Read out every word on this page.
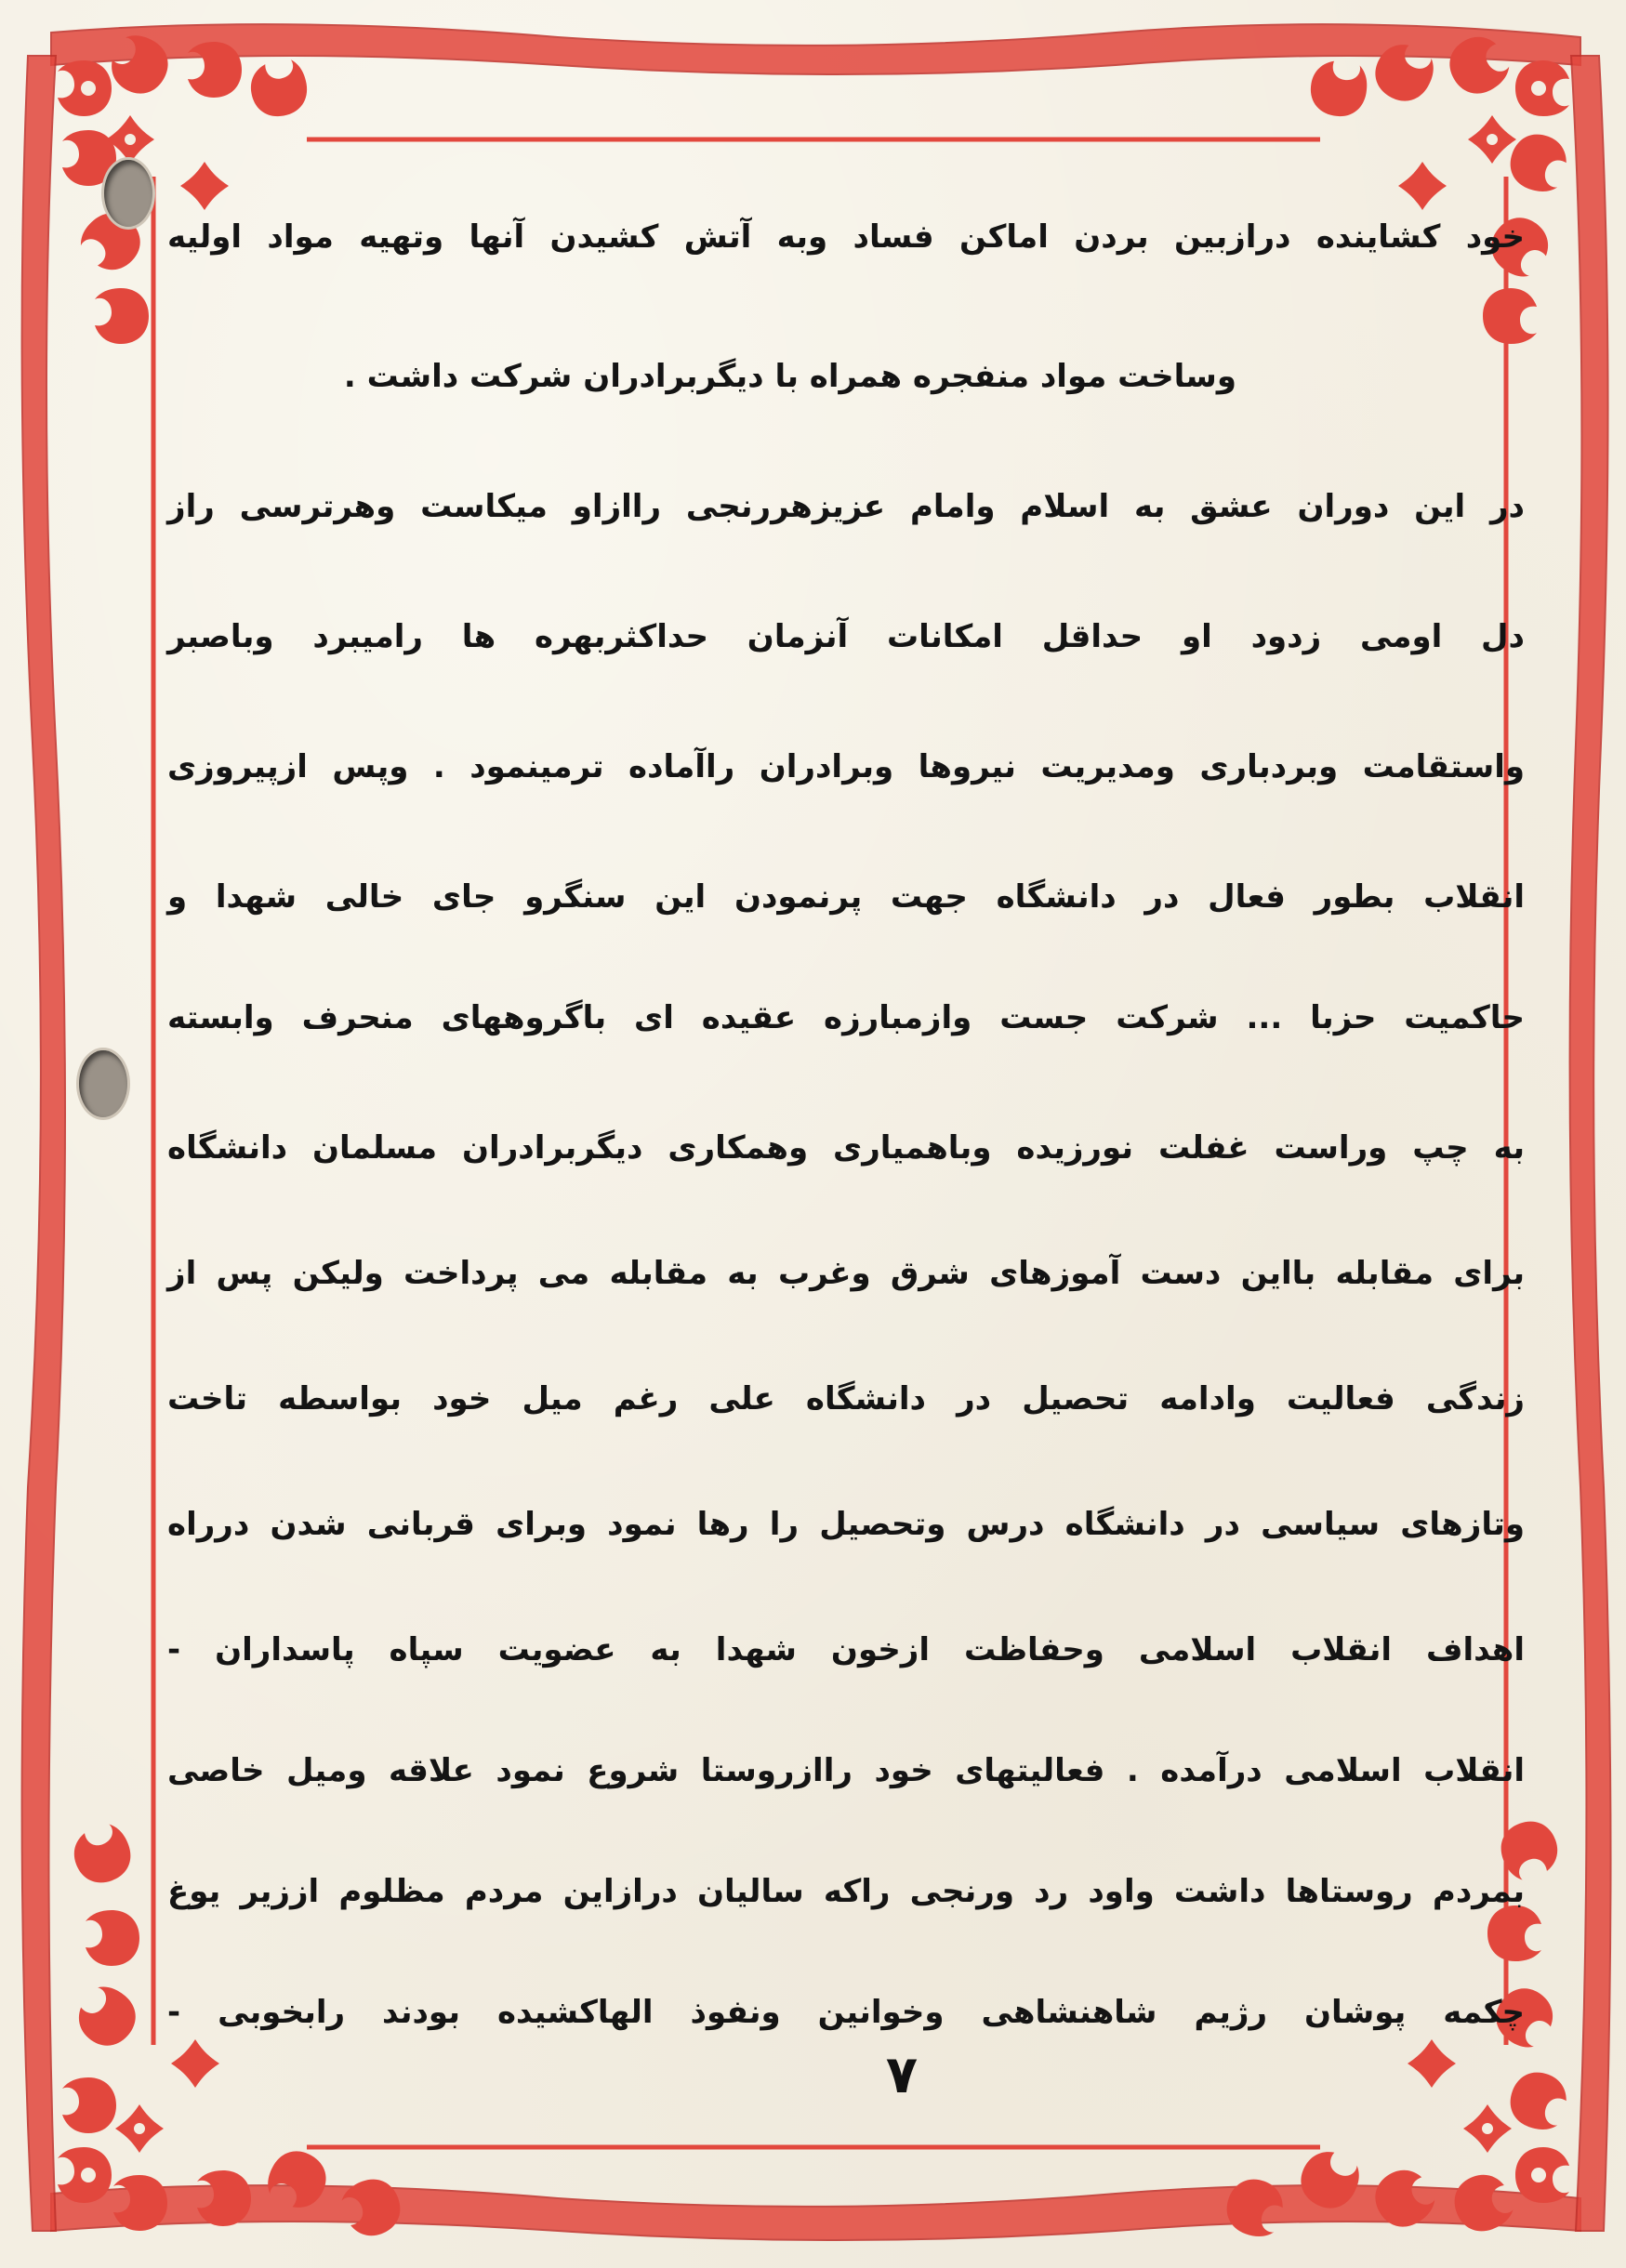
خود کشاینده درازبین بردن اماکن فساد وبه آتش کشیدن آنها وتهیه مواد اولیه
وساخت مواد منفجره همراه با دیگربرادران شرکت داشت .
در این دوران عشق به اسلام وامام عزیزهررنجی راازاو میکاست وهرترسی راز
دل اومی زدود او حداقل امکانات آنزمان حداکثربهره ها رامیبرد وباصبر
واستقامت وبردباری ومدیریت نیروها وبرادران راآماده ترمینمود . وپس ازپیروزی
انقلاب بطور فعال در دانشگاه جهت پرنمودن این سنگرو جای خالی شهدا و
حاکمیت حزبا ... شرکت جست وازمبارزه عقیده ای باگروههای منحرف وابسته
به چپ وراست غفلت نورزیده وباهمیاری وهمکاری دیگربرادران مسلمان دانشگاه
برای مقابله بااین دست آموزهای شرق وغرب به مقابله می پرداخت ولیکن پس از
زندگی فعالیت وادامه تحصیل در دانشگاه علی رغم میل خود بواسطه تاخت
وتازهای سیاسی در دانشگاه درس وتحصیل را رها نمود وبرای قربانی شدن درراه
اهداف انقلاب اسلامی وحفاظت ازخون شهدا به عضویت سپاه پاسداران -
انقلاب اسلامی درآمده . فعالیتهای خود راازروستا شروع نمود علاقه ومیل خاصی
بمردم روستاها داشت واود رد ورنجی راکه سالیان درازاین مردم مظلوم اززیر یوغ
چکمه پوشان رژیم شاهنشاهی وخوانین ونفوذ الهاکشیده بودند رابخوبی -
۷
